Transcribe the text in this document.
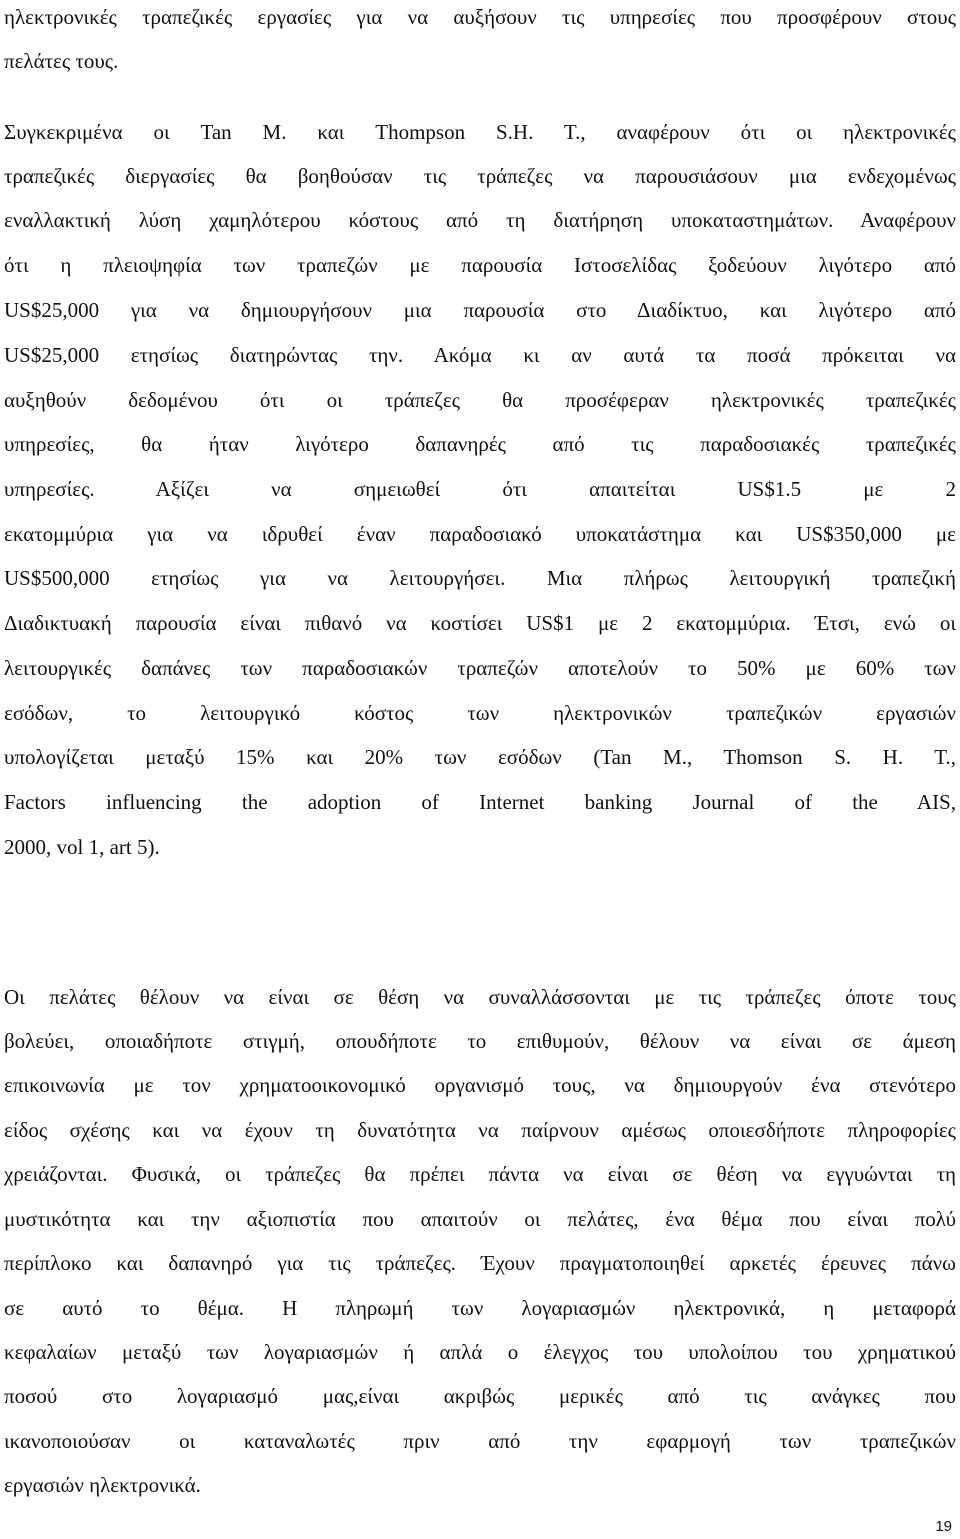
ηλεκτρονικές τραπεζικές εργασίες για να αυξήσουν τις υπηρεσίες που προσφέρουν στους
πελάτες τους.
Συγκεκριμένα οι Tan M. και Thompson S.H. T., αναφέρουν ότι οι ηλεκτρονικές
τραπεζικές διεργασίες θα βοηθούσαν τις τράπεζες να παρουσιάσουν μια ενδεχομένως
εναλλακτική λύση χαμηλότερου κόστους από τη διατήρηση υποκαταστημάτων. Αναφέρουν
ότι η πλειοψηφία των τραπεζών με παρουσία Ιστοσελίδας ξοδεύουν λιγότερο από
US$25,000 για να δημιουργήσουν μια παρουσία στο Διαδίκτυο, και λιγότερο από
US$25,000 ετησίως διατηρώντας την. Ακόμα κι αν αυτά τα ποσά πρόκειται να
αυξηθούν δεδομένου ότι οι τράπεζες θα προσέφεραν ηλεκτρονικές τραπεζικές
υπηρεσίες, θα ήταν λιγότερο δαπανηρές από τις παραδοσιακές τραπεζικές
υπηρεσίες. Αξίζει να σημειωθεί ότι απαιτείται US$1.5 με 2
εκατομμύρια για να ιδρυθεί έναν παραδοσιακό υποκατάστημα και US$350,000 με
US$500,000 ετησίως για να λειτουργήσει. Μια πλήρως λειτουργική τραπεζική
Διαδικτυακή παρουσία είναι πιθανό να κοστίσει US$1 με 2 εκατομμύρια. Έτσι, ενώ οι
λειτουργικές δαπάνες των παραδοσιακών τραπεζών αποτελούν το 50% με 60% των
εσόδων, το λειτουργικό κόστος των ηλεκτρονικών τραπεζικών εργασιών
υπολογίζεται μεταξύ 15% και 20% των εσόδων (Tan M., Thomson S. H. T.,
Factors influencing the adoption of Internet banking Journal of the AIS,
2000, vol 1, art 5).
Οι πελάτες θέλουν να είναι σε θέση να συναλλάσσονται με τις τράπεζες όποτε τους
βολεύει, οποιαδήποτε στιγμή, οπουδήποτε το επιθυμούν, θέλουν να είναι σε άμεση
επικοινωνία με τον χρηματοοικονομικό οργανισμό τους, να δημιουργούν ένα στενότερο
είδος σχέσης και να έχουν τη δυνατότητα να παίρνουν αμέσως οποιεσδήποτε πληροφορίες
χρειάζονται. Φυσικά, οι τράπεζες θα πρέπει πάντα να είναι σε θέση να εγγυώνται τη
μυστικότητα και την αξιοπιστία που απαιτούν οι πελάτες, ένα θέμα που είναι πολύ
περίπλοκο και δαπανηρό για τις τράπεζες. Έχουν πραγματοποιηθεί αρκετές έρευνες πάνω
σε αυτό το θέμα. Η πληρωμή των λογαριασμών ηλεκτρονικά, η μεταφορά
κεφαλαίων μεταξύ των λογαριασμών ή απλά ο έλεγχος του υπολοίπου του χρηματικού
ποσού στο λογαριασμό μας,είναι ακριβώς μερικές από τις ανάγκες που
ικανοποιούσαν οι καταναλωτές πριν από την εφαρμογή των τραπεζικών
εργασιών ηλεκτρονικά.
19
